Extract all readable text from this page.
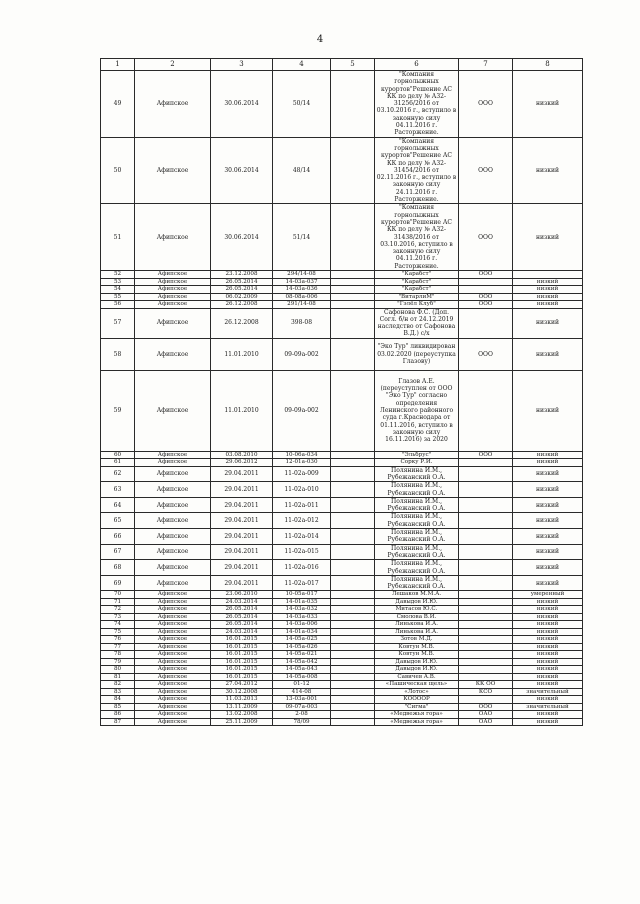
4
1	2	3	4	5	6	7	8
49	Афипское	30.06.2014	50/14		"Компания горнолыжных курортов"Решение АС КК по делу № А32-31256/2016 от 03.10.2016 г., вступило в законную силу 04.11.2016 г. Расторжение.	ООО	низкий
50	Афипское	30.06.2014	48/14		"Компания горнолыжных курортов"Решение АС КК по делу № А32-31454/2016 от 02.11.2016 г., вступило в законную силу 24.11.2016 г. Расторжение.	ООО	низкий
51	Афипское	30.06.2014	51/14		"Компания горнолыжных курортов"Решение АС КК по делу № А32-31438/2016 от 03.10.2016, вступило в законную силу 04.11.2016 г. Расторжение.	ООО	низкий
52	Афипское	23.12.2008	294/14-08		"Карабст"	ООО	
53	Афипское	26.05.2014	14-03а-037		"Карабст"		низкий
54	Афипское	26.05.2014	14-03а-036		"Карабст"		низкий
55	Афипское	06.02.2009	08-08а-006		"ВитарлиМ"	ООО	низкий
56	Афипское	26.12.2008	291/14-08		"Гэлёл Клуб"	ООО	низкий
57	Афипское	26.12.2008	398-08		Сафонова Ф.С. (Доп. Согл. б/н от 24.12.2019 наследство от Сафонова В.Д.) с/х		низкий
58	Афипское	11.01.2010	09-09а-002		"Эко Тур" ликвидирован 03.02.2020 (переуступка Глазову)	ООО	низкий
59	Афипское	11.01.2010	09-09а-002		Глазов А.Е. (переуступлен от ООО "Эко Тур" согласно определения Ленинского районного суда г.Краснодара от 01.11.2016, вступило в законную силу 16.11.2016) за 2020		низкий
60	Афипское	03.08.2010	10-06а-034		"Эльбрус"	ООО	низкий
61	Афипское	29.06.2012	12-01а-030		Сорку Р.И.		низкий
62	Афипское	29.04.2011	11-02а-009		Полянина И.М., Рубежанский О.А.		низкий
63	Афипское	29.04.2011	11-02а-010		Полянина И.М., Рубежанский О.А.		низкий
64	Афипское	29.04.2011	11-02а-011		Полянина И.М., Рубежанский О.А.		низкий
65	Афипское	29.04.2011	11-02а-012		Полянина И.М., Рубежанский О.А.		низкий
66	Афипское	29.04.2011	11-02а-014		Полянина И.М., Рубежанский О.А.		низкий
67	Афипское	29.04.2011	11-02а-015		Полянина И.М., Рубежанский О.А.		низкий
68	Афипское	29.04.2011	11-02а-016		Полянина И.М., Рубежанский О.А.		низкий
69	Афипское	29.04.2011	11-02а-017		Полянина И.М., Рубежанский О.А.		низкий
70	Афипское	23.06.2010	10-05а-017		Лешаков М.М.А.		умеренный
71	Афипское	24.03.2014	14-01а-035		Давыдов И.Ю.		низкий
72	Афипское	26.05.2014	14-03а-032		Митасов Ю.С.		низкий
73	Афипское	26.05.2014	14-03а-033		Смолова В.И.		низкий
74	Афипское	26.05.2014	14-03а-006		Линькова И.А.		низкий
75	Афипское	24.03.2014	14-01а-034		Линькова И.А.		низкий
76	Афипское	16.01.2015	14-05а-025		Зотов М.Д.		низкий
77	Афипское	16.01.2015	14-05а-026		Ковтун М.В.		низкий
78	Афипское	16.01.2015	14-05а-021		Ковтун М.В.		низкий
79	Афипское	16.01.2015	14-05а-042		Давыдов И.Ю.		низкий
80	Афипское	16.01.2015	14-05а-043		Давыдов И.Ю.		низкий
81	Афипское	16.01.2015	14-05а-008		Савичев А.В.		низкий
82	Афипское	27.04.2012	01-12		«Пашическая щель»	КК ОО	низкий
83	Афипское	30.12.2008	414-08		«Лотос»	КСО	значительный
84	Афипское	11.03.2013	13-03а-001		КООООР		низкий
85	Афипское	13.11.2009	09-07а-003		"Сигма"	ООО	значительный
86	Афипское	13.02.2008	2-08		«Медвежья гора»	ОАО	низкий
87	Афипское	25.11.2009	78/09		«Медвежья гора»	ОАО	низкий
